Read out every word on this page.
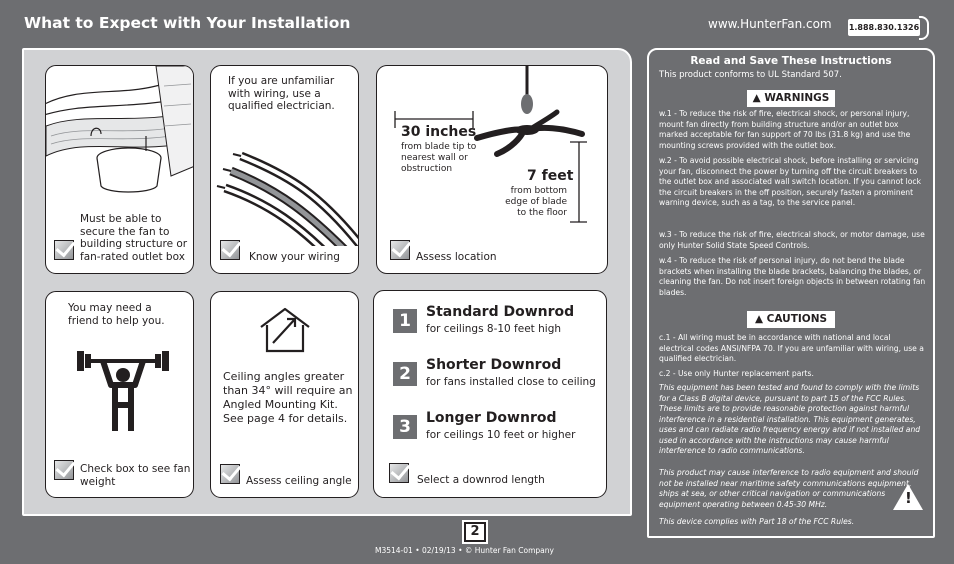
What to Expect with Your Installation	www.HunterFan.com 1.888.830.1326
Must be able to secure the fan to building structure or fan-rated outlet box
If you are unfamiliar with wiring, use a qualified electrician.
Know your wiring
30 inches
from blade tip to nearest wall or obstruction	7 feet
from bottom edge of blade to the floor
Assess location
You may need a friend to help you.
Check box to see fan weight
Ceiling angles greater than 34° will require an Angled Mounting Kit. See page 4 for details.
Assess ceiling angle
1	Standard Downrod
for ceilings 8-10 feet high
2	Shorter Downrod
for fans installed close to ceiling
3	Longer Downrod
for ceilings 10 feet or higher
Select a downrod length
Read and Save These Instructions

This product conforms to UL Standard 507.

▲ WARNINGS

w.1 - To reduce the risk of fire, electrical shock, or personal injury, mount fan directly from building structure and/or an outlet box marked acceptable for fan support of 70 lbs (31.8 kg) and use the mounting screws provided with the outlet box.

w.2 - To avoid possible electrical shock, before installing or servicing your fan, disconnect the power by turning off the circuit breakers to the outlet box and associated wall switch location. If you cannot lock the circuit breakers in the off position, securely fasten a prominent warning device, such as a tag, to the service panel.

w.3 - To reduce the risk of fire, electrical shock, or motor damage, use only Hunter Solid State Speed Controls.

w.4 - To reduce the risk of personal injury, do not bend the blade brackets when installing the blade brackets, balancing the blades, or cleaning the fan. Do not insert foreign objects in between rotating fan blades.

▲ CAUTIONS

c.1 - All wiring must be in accordance with national and local electrical codes ANSI/NFPA 70. If you are unfamiliar with wiring, use a qualified electrician.

c.2 - Use only Hunter replacement parts.

This equipment has been tested and found to comply with the limits for a Class B digital device, pursuant to part 15 of the FCC Rules. These limits are to provide reasonable protection against harmful interference in a residential installation. This equipment generates, uses and can radiate radio frequency energy and if not installed and used in accordance with the instructions may cause harmful interference to radio communications.

This product may cause interference to radio equipment and should not be installed near maritime safety communications equipment, ships at sea, or other critical navigation or communications equipment operating between 0.45-30 MHz.

This device complies with Part 18 of the FCC Rules.

!
2
M3514-01 • 02/19/13 • © Hunter Fan Company
